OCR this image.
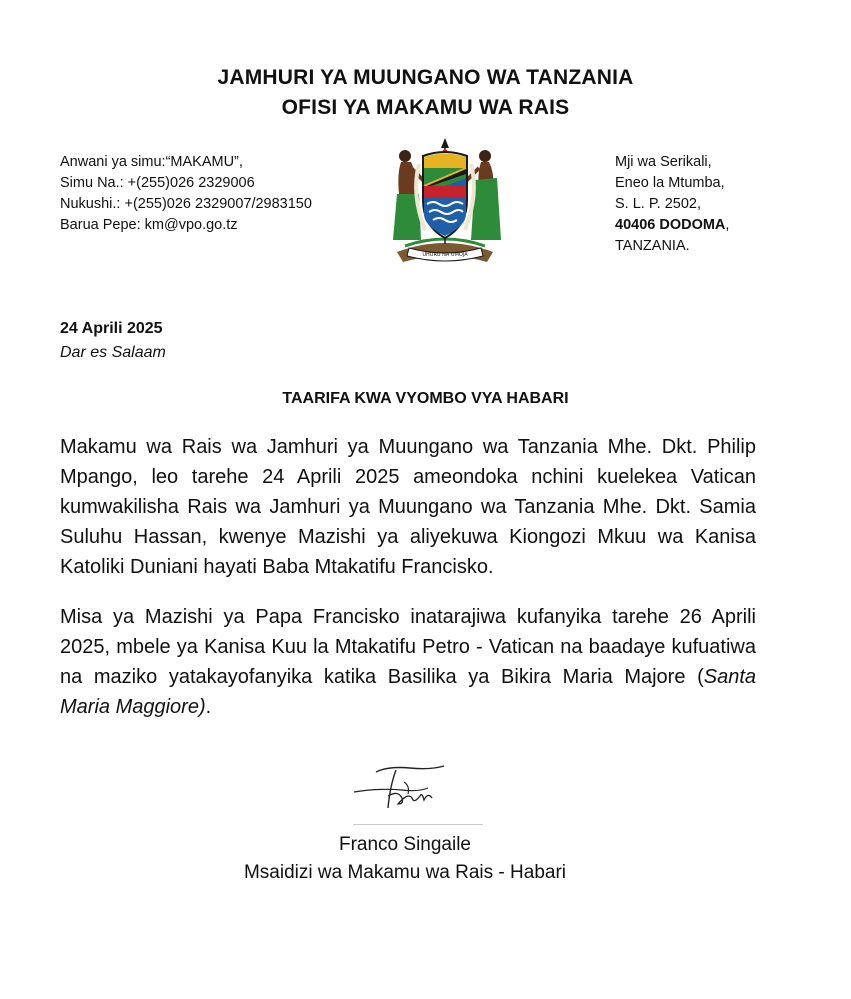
JAMHURI YA MUUNGANO WA TANZANIA
OFISI YA MAKAMU WA RAIS
Anwani ya simu:“MAKAMU”,
Simu Na.: +(255)026 2329006
Nukushi.: +(255)026 2329007/2983150
Barua Pepe: km@vpo.go.tz
UHURU NA UMOJA
Mji wa Serikali,
Eneo la Mtumba,
S. L. P. 2502,
40406 DODOMA,
TANZANIA.
24 Aprili 2025
Dar es Salaam
TAARIFA KWA VYOMBO VYA HABARI
Makamu wa Rais wa Jamhuri ya Muungano wa Tanzania Mhe. Dkt. Philip Mpango, leo tarehe 24 Aprili 2025 ameondoka nchini kuelekea Vatican kumwakilisha Rais wa Jamhuri ya Muungano wa Tanzania Mhe. Dkt. Samia Suluhu Hassan, kwenye Mazishi ya aliyekuwa Kiongozi Mkuu wa Kanisa Katoliki Duniani hayati Baba Mtakatifu Francisko.
Misa ya Mazishi ya Papa Francisko inatarajiwa kufanyika tarehe 26 Aprili 2025, mbele ya Kanisa Kuu la Mtakatifu Petro - Vatican na baadaye kufuatiwa na maziko yatakayofanyika katika Basilika ya Bikira Maria Majore (Santa Maria Maggiore).
Franco Singaile
Msaidizi wa Makamu wa Rais - Habari
